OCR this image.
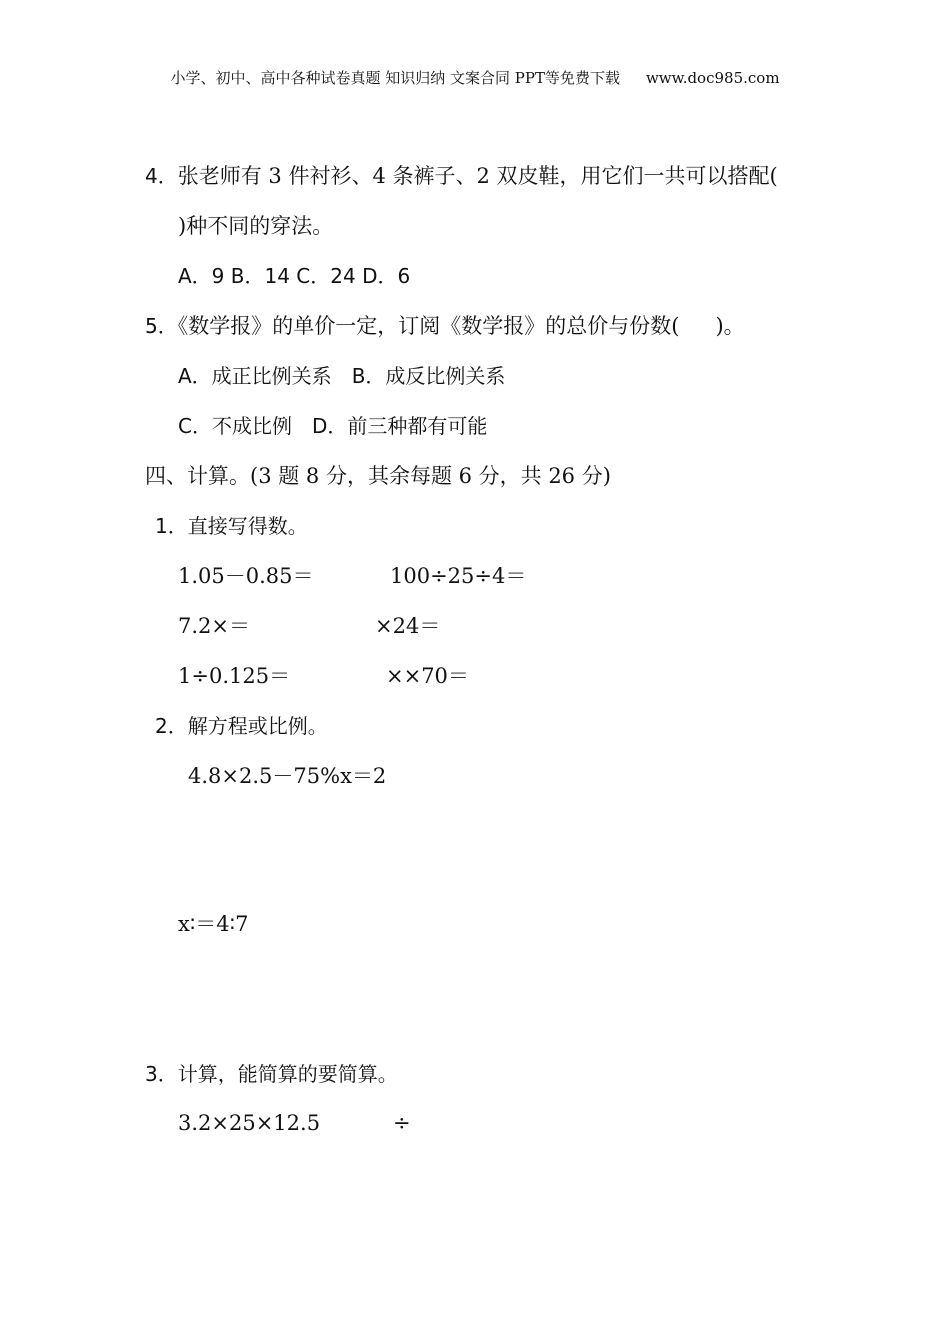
小学、初中、高中各种试卷真题 知识归纳 文案合同 PPT等免费下载 www.doc985.com
4．张老师有 3 件衬衫、4 条裤子、2 双皮鞋，用它们一共可以搭配(
)种不同的穿法。
A．9 B．14 C．24 D．6
5．《数学报》的单价一定，订阅《数学报》的总价与份数( )。
A．成正比例关系 B．成反比例关系
C．不成比例 D．前三种都有可能
四、计算。(3 题 8 分，其余每题 6 分，共 26 分)
1．直接写得数。
1.05－0.85＝	100÷25÷4＝
7.2×＝	×24＝
1÷0.125＝	××70＝
2．解方程或比例。
4.8×2.5－75%x＝2
x∶＝4∶7
3．计算，能简算的要简算。
3.2×25×12.5	÷
